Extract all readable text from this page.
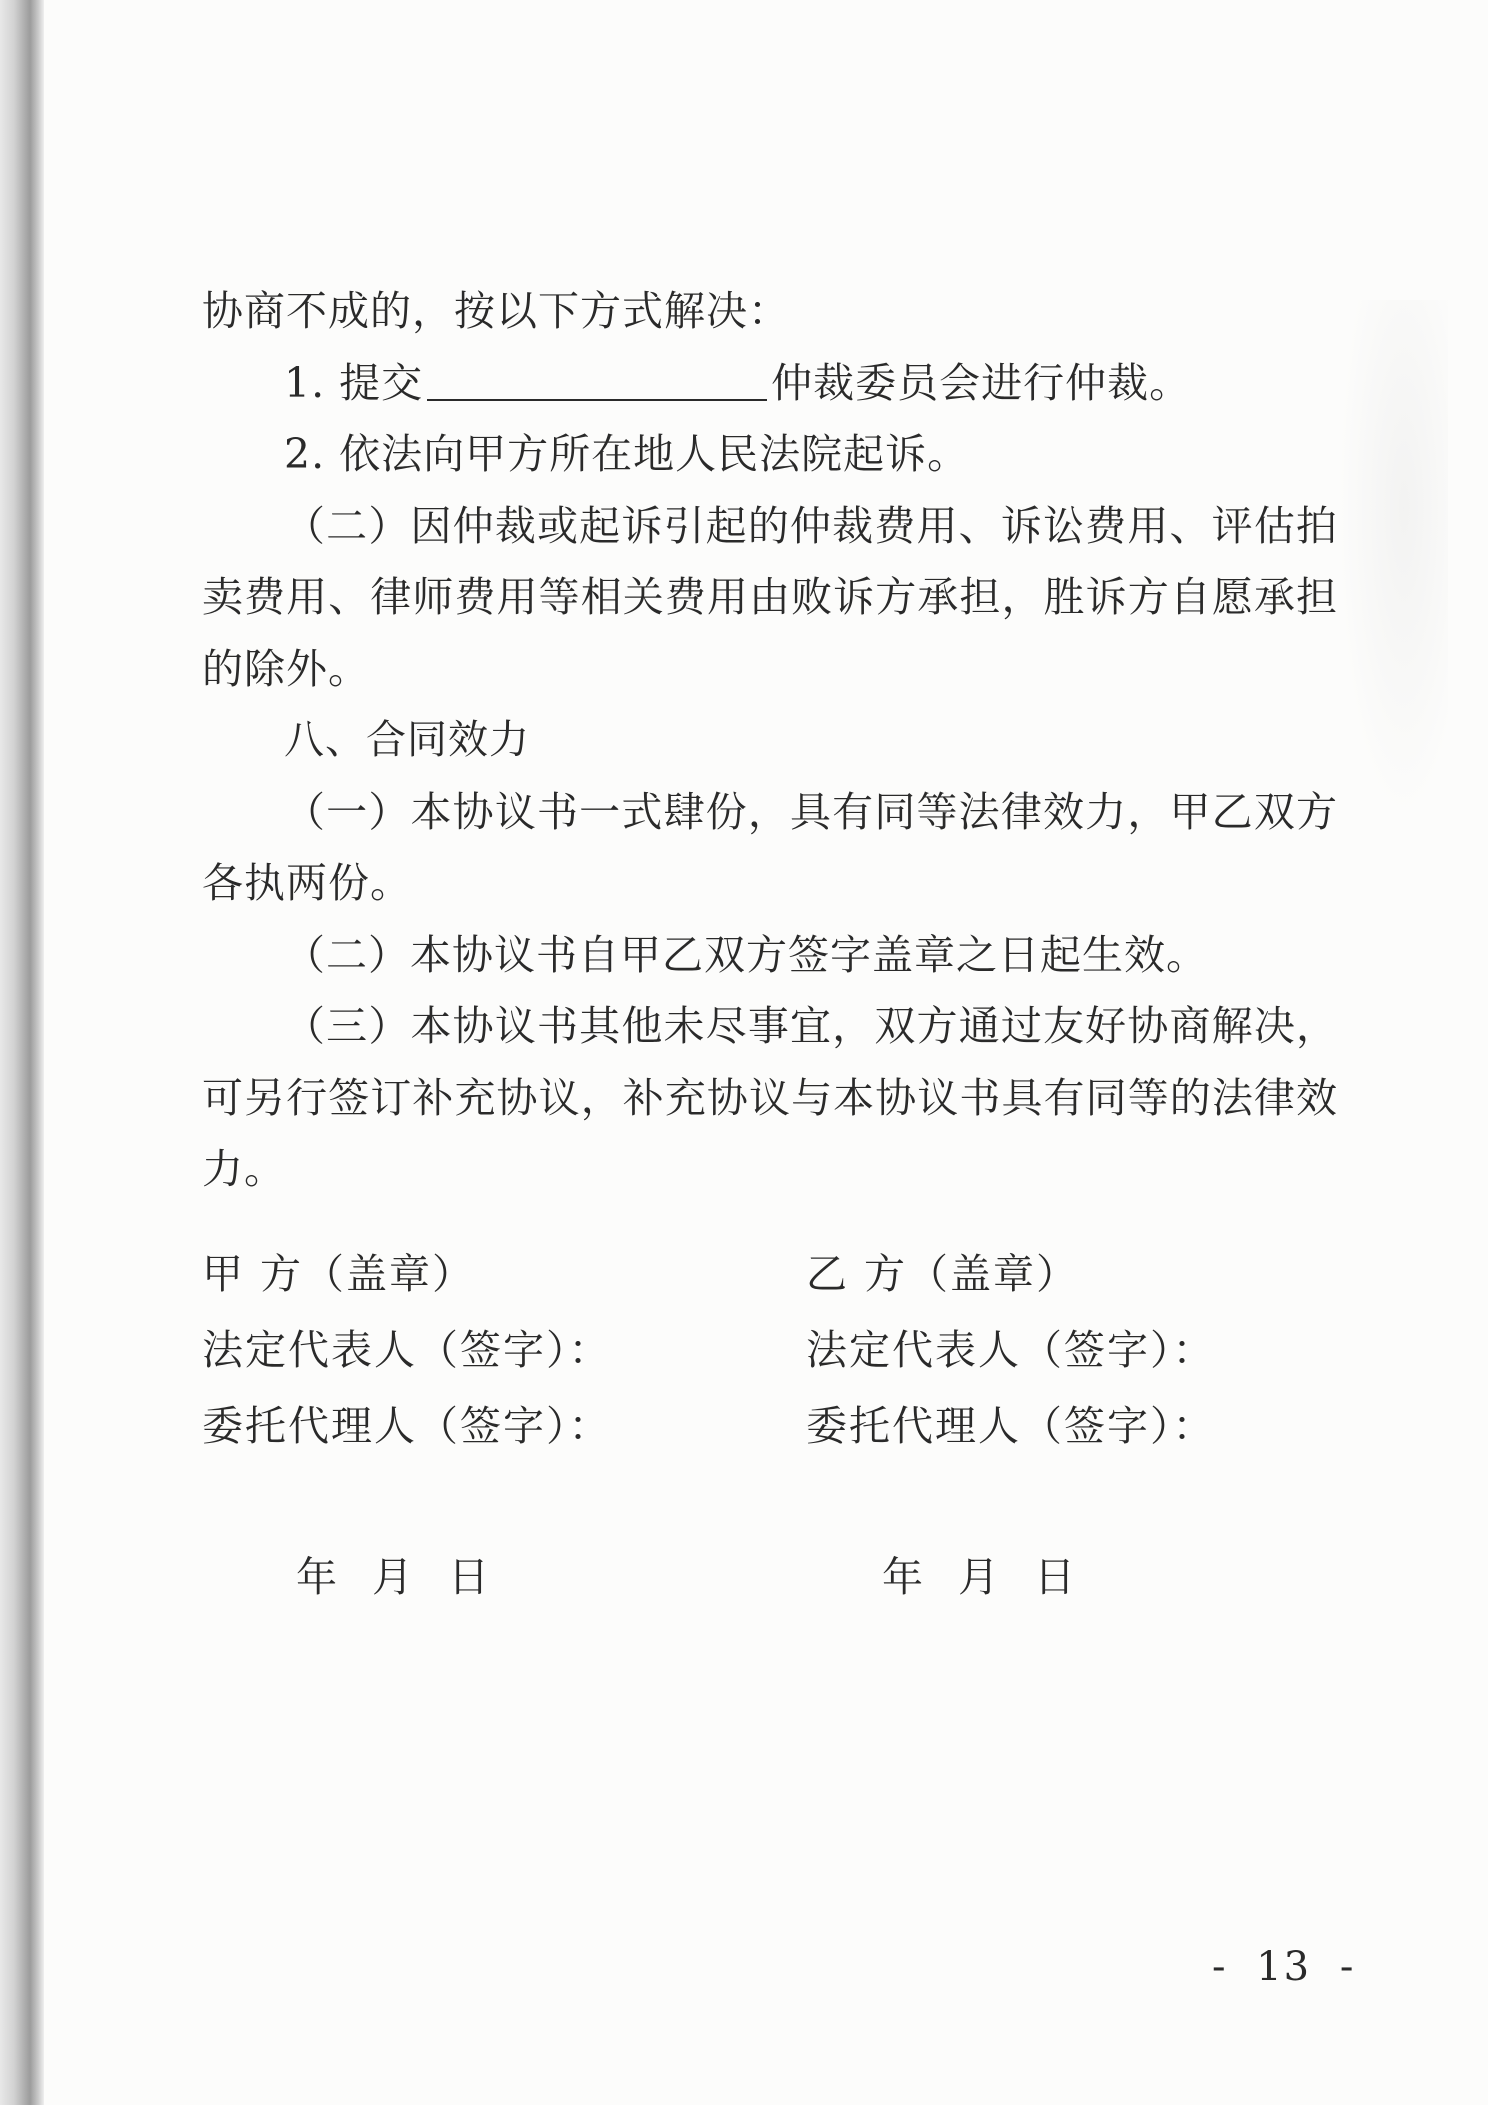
协商不成的，按以下方式解决：

1. 提交	仲裁委员会进行仲裁。

2. 依法向甲方所在地人民法院起诉。

（二）因仲裁或起诉引起的仲裁费用、诉讼费用、评估拍卖费用、律师费用等相关费用由败诉方承担，胜诉方自愿承担的除外。

八、合同效力

（一）本协议书一式肆份，具有同等法律效力，甲乙双方各执两份。

（二）本协议书自甲乙双方签字盖章之日起生效。

（三）本协议书其他未尽事宜，双方通过友好协商解决，可另行签订补充协议，补充协议与本协议书具有同等的法律效力。

甲 方（盖章）

法定代表人（签字）：

委托代理人（签字）：

乙 方（盖章）

法定代表人（签字）：

委托代理人（签字）：

年 月 日	年 月 日
- 13 -
